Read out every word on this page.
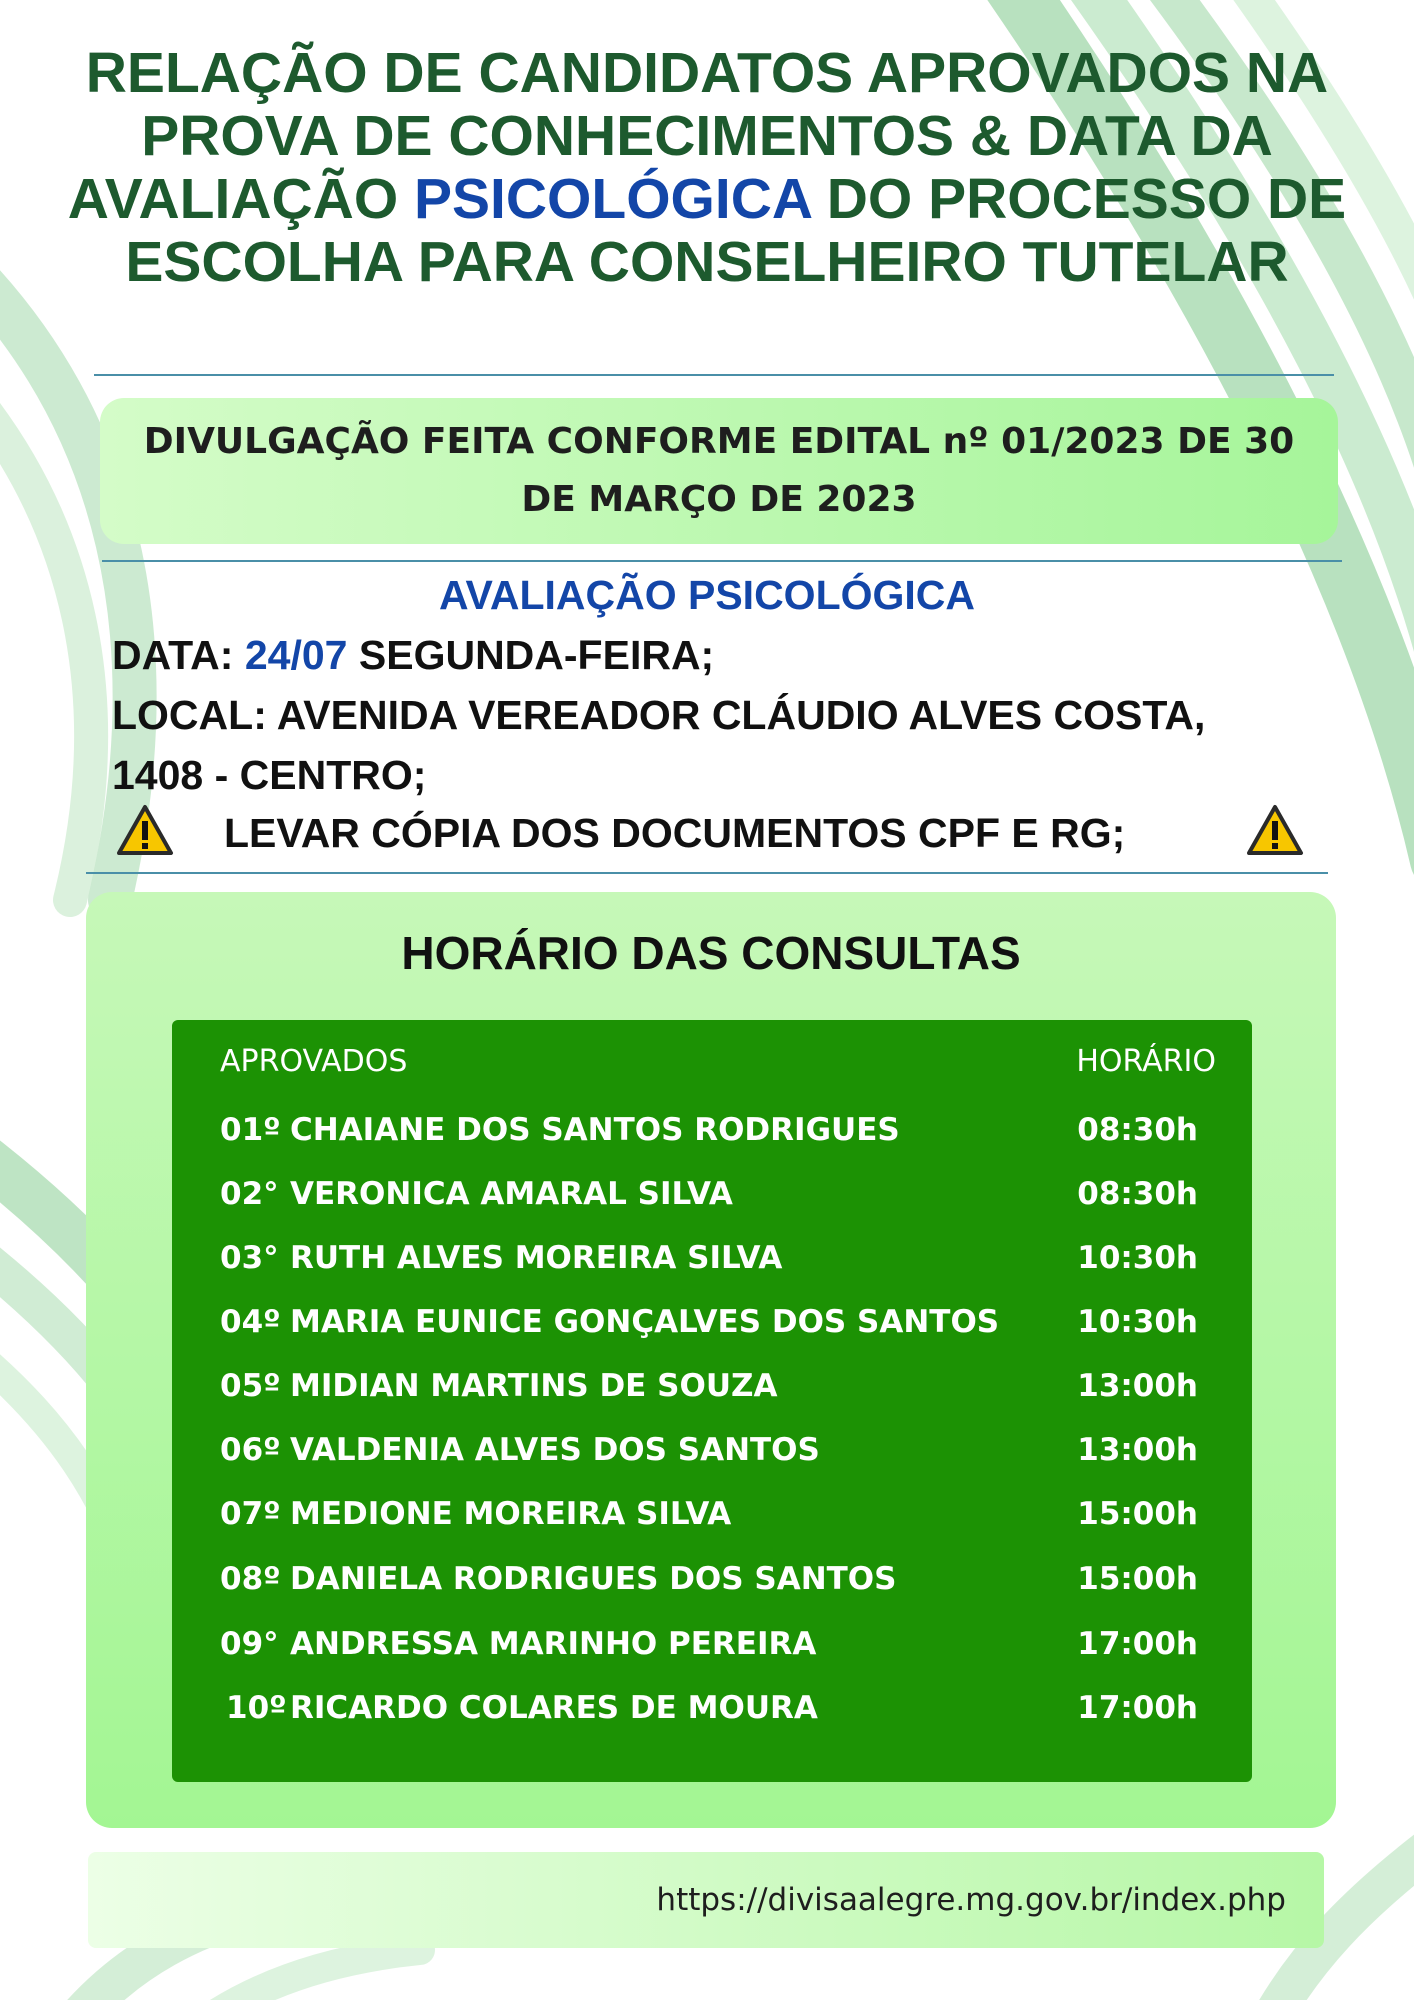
RELAÇÃO DE CANDIDATOS APROVADOS NA PROVA DE CONHECIMENTOS & DATA DA AVALIAÇÃO PSICOLÓGICA DO PROCESSO DE ESCOLHA PARA CONSELHEIRO TUTELAR
DIVULGAÇÃO FEITA CONFORME EDITAL nº 01/2023 DE 30 DE MARÇO DE 2023
AVALIAÇÃO PSICOLÓGICA
DATA: 24/07 SEGUNDA-FEIRA;
LOCAL: AVENIDA VEREADOR CLÁUDIO ALVES COSTA,
1408 - CENTRO;
LEVAR CÓPIA DOS DOCUMENTOS CPF E RG;
HORÁRIO DAS CONSULTAS
APROVADOS	HORÁRIO
01º CHAIANE DOS SANTOS RODRIGUES	08:30h
02° VERONICA AMARAL SILVA	08:30h
03° RUTH ALVES MOREIRA SILVA	10:30h
04º MARIA EUNICE GONÇALVES DOS SANTOS	10:30h
05º MIDIAN MARTINS DE SOUZA	13:00h
06º VALDENIA ALVES DOS SANTOS	13:00h
07º MEDIONE MOREIRA SILVA	15:00h
08º DANIELA RODRIGUES DOS SANTOS	15:00h
09° ANDRESSA MARINHO PEREIRA	17:00h
10º RICARDO COLARES DE MOURA	17:00h
https://divisaalegre.mg.gov.br/index.php
